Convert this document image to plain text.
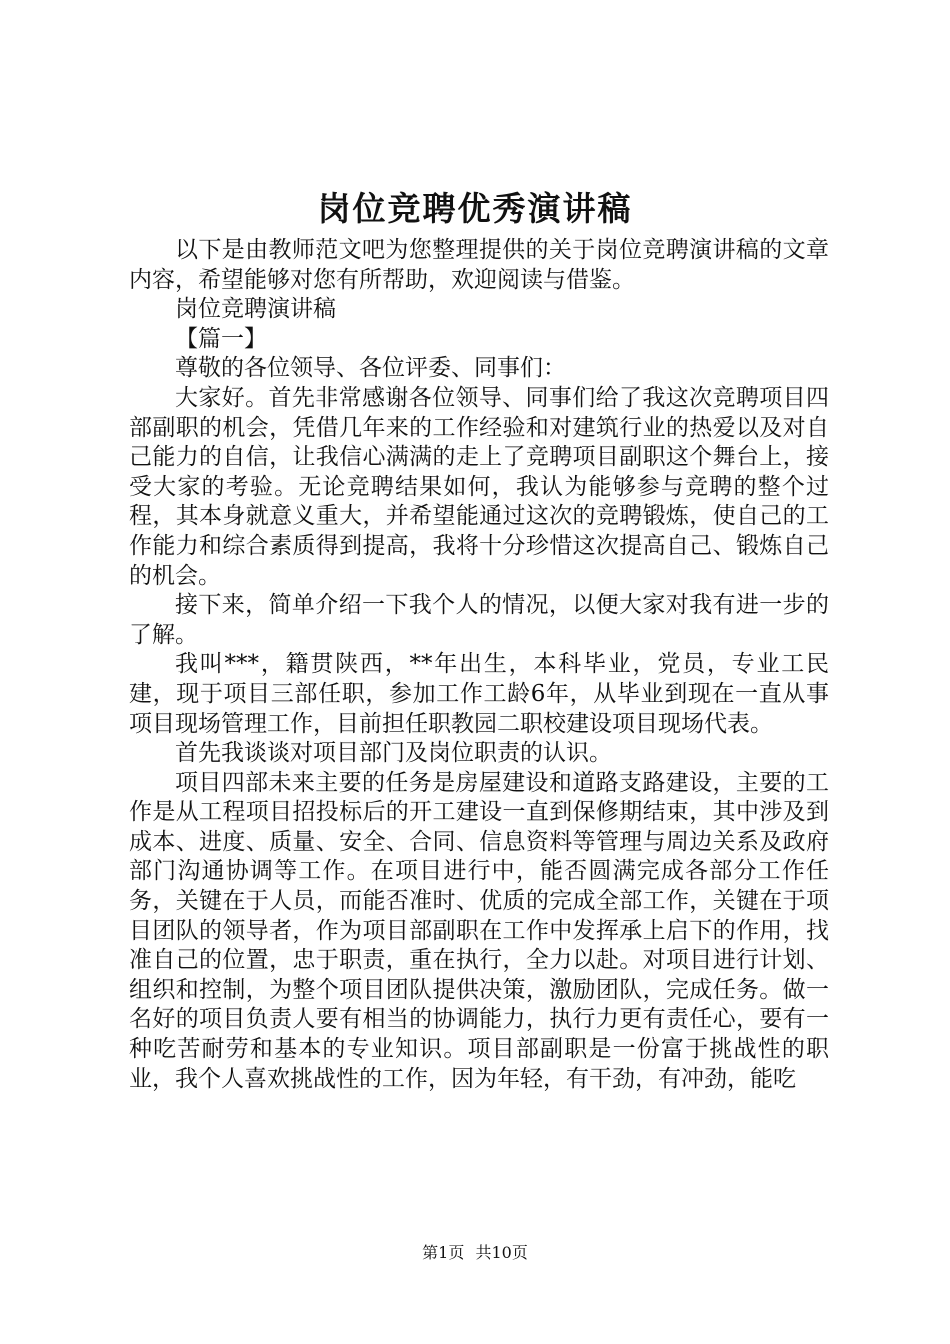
岗位竞聘优秀演讲稿

以下是由教师范文吧为您整理提供的关于岗位竞聘演讲稿的文章内容，希望能够对您有所帮助，欢迎阅读与借鉴。

岗位竞聘演讲稿

【篇一】

尊敬的各位领导、各位评委、同事们：

大家好。首先非常感谢各位领导、同事们给了我这次竞聘项目四部副职的机会，凭借几年来的工作经验和对建筑行业的热爱以及对自己能力的自信，让我信心满满的走上了竞聘项目副职这个舞台上，接受大家的考验。无论竞聘结果如何，我认为能够参与竞聘的整个过程，其本身就意义重大，并希望能通过这次的竞聘锻炼，使自己的工作能力和综合素质得到提高，我将十分珍惜这次提高自己、锻炼自己的机会。

接下来，简单介绍一下我个人的情况，以便大家对我有进一步的了解。

我叫***，籍贯陕西，**年出生，本科毕业，党员，专业工民建，现于项目三部任职，参加工作工龄6年，从毕业到现在一直从事项目现场管理工作，目前担任职教园二职校建设项目现场代表。

首先我谈谈对项目部门及岗位职责的认识。

项目四部未来主要的任务是房屋建设和道路支路建设，主要的工作是从工程项目招投标后的开工建设一直到保修期结束，其中涉及到成本、进度、质量、安全、合同、信息资料等管理与周边关系及政府部门沟通协调等工作。在项目进行中，能否圆满完成各部分工作任务，关键在于人员，而能否准时、优质的完成全部工作，关键在于项目团队的领导者，作为项目部副职在工作中发挥承上启下的作用，找准自己的位置，忠于职责，重在执行，全力以赴。对项目进行计划、组织和控制，为整个项目团队提供决策，激励团队，完成任务。做一名好的项目负责人要有相当的协调能力，执行力更有责任心，要有一种吃苦耐劳和基本的专业知识。项目部副职是一份富于挑战性的职业，我个人喜欢挑战性的工作，因为年轻，有干劲，有冲劲，能吃

第1页 共10页
